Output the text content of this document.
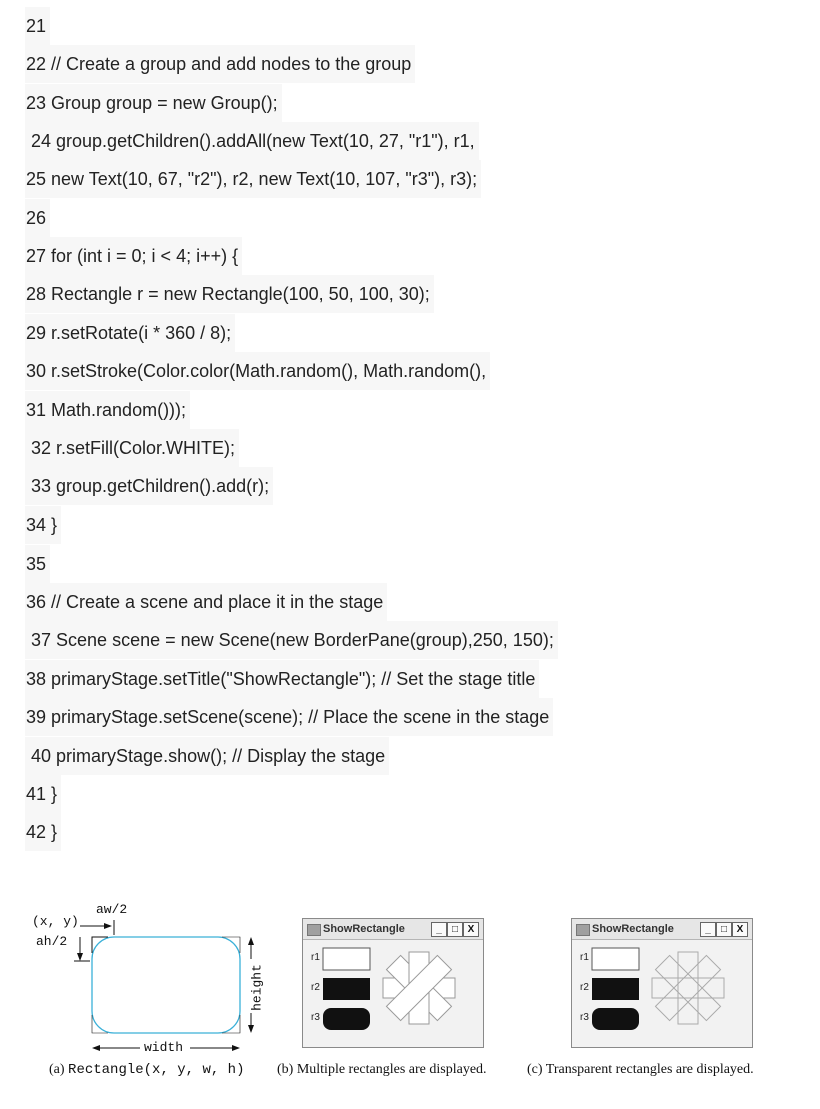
21
22 // Create a group and add nodes to the group
23 Group group = new Group();
24 group.getChildren().addAll(new Text(10, 27, "r1"), r1,
25 new Text(10, 67, "r2"), r2, new Text(10, 107, "r3"), r3);
26
27 for (int i = 0; i < 4; i++) {
28 Rectangle r = new Rectangle(100, 50, 100, 30);
29 r.setRotate(i * 360 / 8);
30 r.setStroke(Color.color(Math.random(), Math.random(),
31 Math.random()));
32 r.setFill(Color.WHITE);
33 group.getChildren().add(r);
34 }
35
36 // Create a scene and place it in the stage
37 Scene scene = new Scene(new BorderPane(group),250, 150);
38 primaryStage.setTitle("ShowRectangle"); // Set the stage title
39 primaryStage.setScene(scene); // Place the scene in the stage
40 primaryStage.show(); // Display the stage
41 }
42 }
(x, y)
aw/2
ah/2
height
width
(a) Rectangle(x, y, w, h)
ShowRectangle	_	□ X
r1
r2
r3
(b) Multiple rectangles are displayed.
ShowRectangle	_	□ X
r1
r2
r3
(c) Transparent rectangles are displayed.
